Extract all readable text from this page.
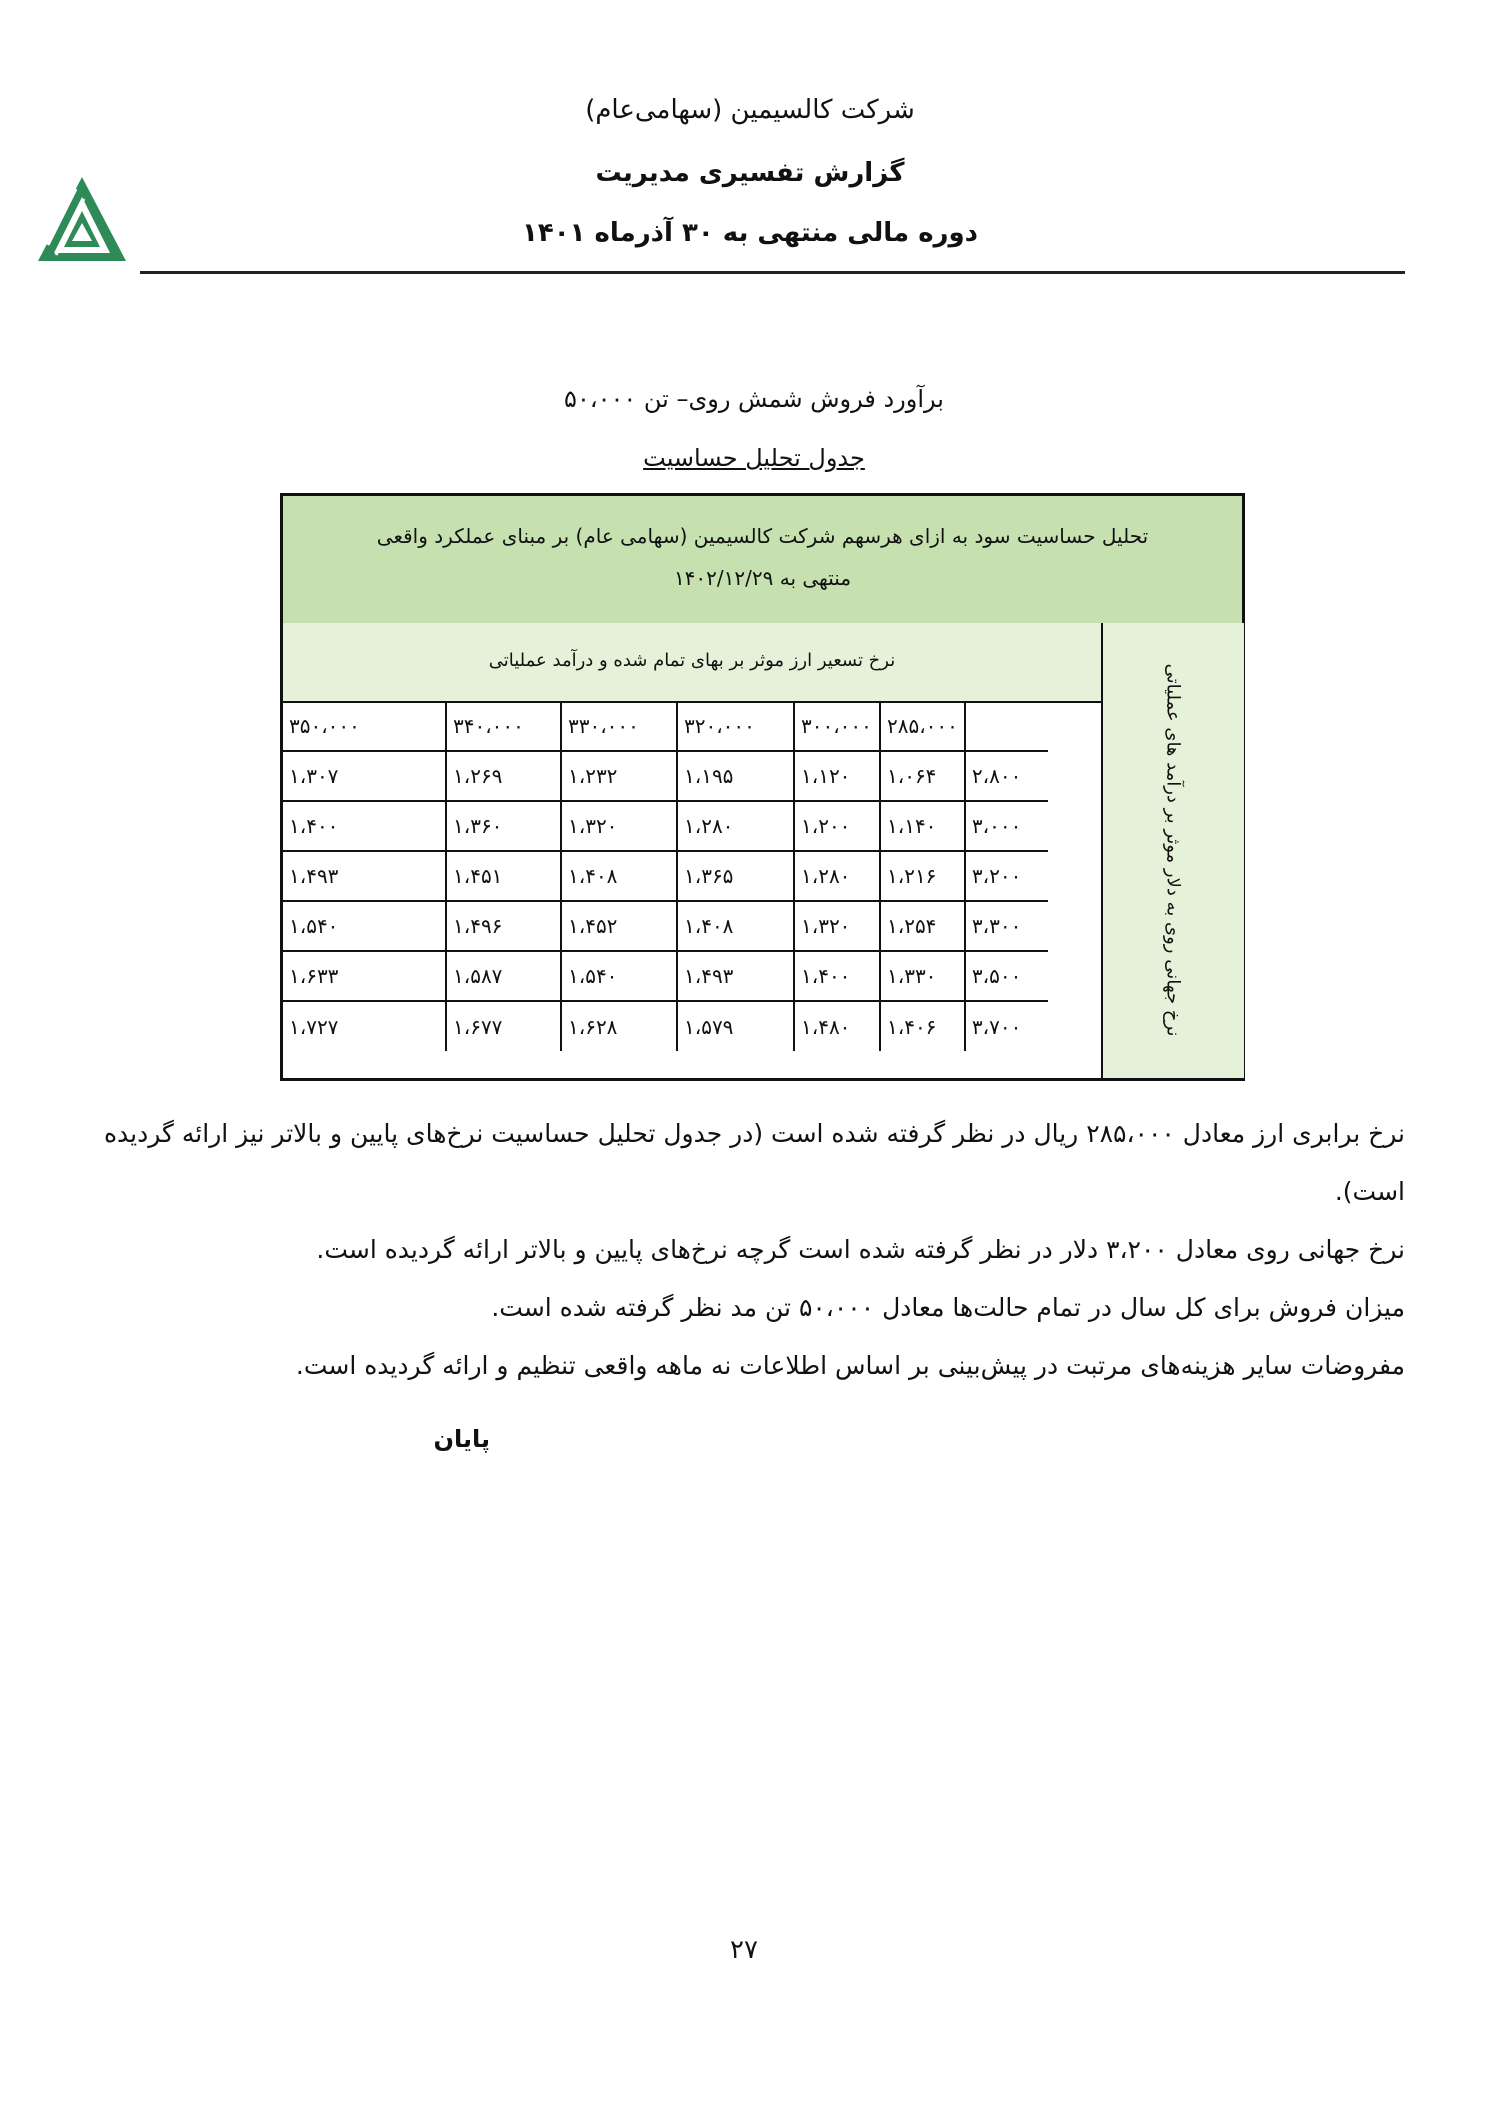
شرکت کالسیمین (سهامی‌عام)
گزارش تفسیری مدیریت
دوره مالی منتهی به ۳۰ آذرماه ۱۴۰۱
برآورد فروش شمش روی– تن ۵۰،۰۰۰
جدول تحلیل حساسیت
تحلیل حساسیت سود به ازای هرسهم شرکت کالسیمین (سهامی عام) بر مبنای عملکرد واقعی
منتهی به ۱۴۰۲/۱۲/۲۹
نرخ تسعیر ارز موثر بر بهای تمام شده و درآمد عملیاتی
نرخ جهانی روی به دلار موثر بر درآمد های عملیاتی
	۲۸۵،۰۰۰	۳۰۰،۰۰۰	۳۲۰،۰۰۰	۳۳۰،۰۰۰	۳۴۰،۰۰۰	۳۵۰،۰۰۰
۲،۸۰۰	۱،۰۶۴	۱،۱۲۰	۱،۱۹۵	۱،۲۳۲	۱،۲۶۹	۱،۳۰۷
۳،۰۰۰	۱،۱۴۰	۱،۲۰۰	۱،۲۸۰	۱،۳۲۰	۱،۳۶۰	۱،۴۰۰
۳،۲۰۰	۱،۲۱۶	۱،۲۸۰	۱،۳۶۵	۱،۴۰۸	۱،۴۵۱	۱،۴۹۳
۳،۳۰۰	۱،۲۵۴	۱،۳۲۰	۱،۴۰۸	۱،۴۵۲	۱،۴۹۶	۱،۵۴۰
۳،۵۰۰	۱،۳۳۰	۱،۴۰۰	۱،۴۹۳	۱،۵۴۰	۱،۵۸۷	۱،۶۳۳
۳،۷۰۰	۱،۴۰۶	۱،۴۸۰	۱،۵۷۹	۱،۶۲۸	۱،۶۷۷	۱،۷۲۷

نرخ برابری ارز معادل ۲۸۵،۰۰۰ ریال در نظر گرفته شده است (در جدول تحلیل حساسیت نرخ‌های پایین و بالاتر نیز ارائه گردیده است).

نرخ جهانی روی معادل ۳،۲۰۰ دلار در نظر گرفته شده است گرچه نرخ‌های پایین و بالاتر ارائه گردیده است.

میزان فروش برای کل سال در تمام حالت‌ها معادل ۵۰،۰۰۰ تن مد نظر گرفته شده است.

مفروضات سایر هزینه‌های مرتبت در پیش‌بینی بر اساس اطلاعات نه ماهه واقعی تنظیم و ارائه گردیده است.

پایان
۲۷
